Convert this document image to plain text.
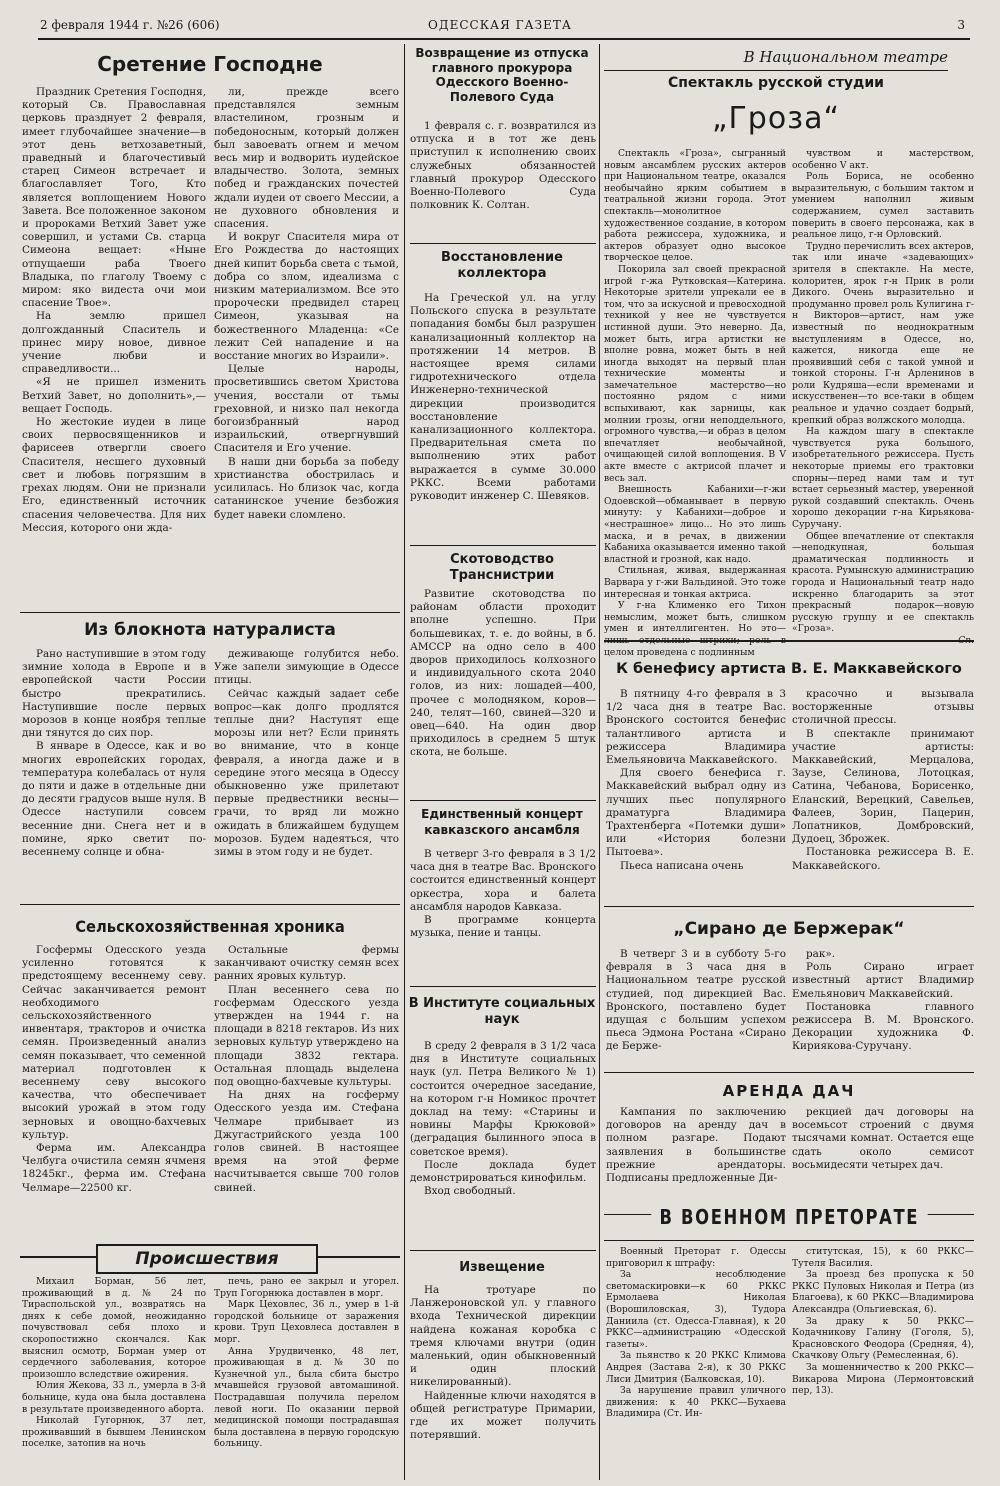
2 февраля 1944 г. №26 (606)	ОДЕССКАЯ ГАЗЕТА	3
Сретение Господне

Праздник Сретения Господня, который Св. Православная церковь празднует 2 февраля, имеет глубочайшее значение—в этот день ветхозаветный, праведный и благочестивый старец Симеон встречает и благославляет Того, Кто является воплощением Нового Завета. Все положенное законом и пророками Ветхий Завет уже совершил, и устами Св. старца Симеона вещает: «Ныне отпущаеши раба Твоего Владыка, по глаголу Твоему с миром: яко видеста очи мои спасение Твое».

На землю пришел долгожданный Спаситель и принес миру новое, дивное учение любви и справедливости...

«Я не пришел изменить Ветхий Завет, но дополнить»,—вещает Господь.

Но жестокие иудеи в лице своих первосвященников и фарисеев отвергли своего Спасителя, несшего духовный свет и любовь погрязшим в грехах людям. Они не признали Его, единственный источник спасения человечества. Для них Мессия, которого они жда-

ли, прежде всего представлялся земным властелином, грозным и победоносным, который должен был завоевать огнем и мечом весь мир и водворить иудейское владычество. Золота, земных побед и гражданских почестей ждали иудеи от своего Мессии, а не духовного обновления и спасения.

И вокруг Спасителя мира от Его Рождества до настоящих дней кипит борьба света с тьмой, добра со злом, идеализма с низким материализмом. Все это пророчески предвидел старец Симеон, указывая на божественного Младенца: «Се лежит Сей нападение и на восстание многих во Израили».

Целые народы, просветившись светом Христова учения, восстали от тьмы греховной, и низко пал некогда богоизбранный народ израильский, отвергнувший Спасителя и Его учение.

В наши дни борьба за победу христианства обострилась и усилилась. Но близок час, когда сатанинское учение безбожия будет навеки сломлено.

Из блокнота натуралиста

Рано наступившие в этом году зимние холода в Европе и в европейской части России быстро прекратились. Наступившие после первых морозов в конце ноября теплые дни тянутся до сих пор.

В январе в Одессе, как и во многих европейских городах, температура колебалась от нуля до пяти и даже в отдельные дни до десяти градусов выше нуля. В Одессе наступили совсем весенние дни. Снега нет и в помине, ярко светит по-весеннему солнце и обна-

деживающе голубится небо. Уже запели зимующие в Одессе птицы.

Сейчас каждый задает себе вопрос—как долго продлятся теплые дни? Наступят еще морозы или нет? Если принять во внимание, что в конце февраля, а иногда даже и в середине этого месяца в Одессу обыкновенно уже прилетают первые предвестники весны—грачи, то вряд ли можно ожидать в ближайшем будущем морозов. Будем надеяться, что зимы в этом году и не будет.

Сельскохозяйственная хроника

Госфермы Одесского уезда усиленно готовятся к предстоящему весеннему севу. Сейчас заканчивается ремонт необходимого сельскохозяйственного инвентаря, тракторов и очистка семян. Произведенный анализ семян показывает, что семенной материал подготовлен к весеннему севу высокого качества, что обеспечивает высокий урожай в этом году зерновых и овощно-бахчевых культур.

Ферма им. Александра Челбуга очистила семян ячменя 18245кг., ферма им. Стефана Челмаре—22500 кг.

Остальные фермы заканчивают очистку семян всех ранних яровых культур.

План весеннего сева по госфермам Одесского уезда утвержден на 1944 г. на площади в 8218 гектаров. Из них зерновых культур утверждено на площади 3832 гектара. Остальная площадь выделена под овощно-бахчевые культуры.

На днях на госферму Одесского уезда им. Стефана Челмаре прибывает из Джугастрийского уезда 100 голов свиней. В настоящее время на этой ферме насчитывается свыше 700 голов свиней.

Происшествия

Михаил Борман, 56 лет, проживающий в д. № 24 по Тираспольской ул., возвратясь на днях к себе домой, неожиданно почувствовал себя плохо и скоропостижно скончался. Как выяснил осмотр, Борман умер от сердечного заболевания, которое произошло вследствие ожирения.

Юлия Жекова, 33 л., умерла в 3-й больнице, куда она была доставлена в результате произведенного аборта.

Николай Гугорнюк, 37 лет, проживавший в бывшем Ленинском поселке, затопив на ночь

печь, рано ее закрыл и угорел. Труп Гогорнюка доставлен в морг.

Марк Цеховлес, 36 л., умер в 1-й городской больнице от заражения крови. Труп Цеховлеса доставлен в морг.

Анна Урудвиченко, 48 лет, проживающая в д. № 30 по Кузнечной ул., была сбита быстро мчавшейся грузовой автомашиной. Пострадавшая получила перелом левой ноги. По оказании первой медицинской помощи пострадавшая была доставлена в первую городскую больницу.

Возвращение из отпуска главного прокурора Одесского Военно-Полевого Суда

1 февраля с. г. возвратился из отпуска и в тот же день приступил к исполнению своих служебных обязанностей главный прокурор Одесского Военно-Полевого Суда полковник К. Солтан.

Восстановление коллектора

На Греческой ул. на углу Польского спуска в результате попадания бомбы был разрушен канализационный коллектор на протяжении 14 метров. В настоящее время силами гидротехнического отдела Инженерно-технической дирекции производится восстановление канализационного коллектора. Предварительная смета по выполнению этих работ выражается в сумме 30.000 РККС. Всеми работами руководит инженер С. Шевяков.

Скотоводство Транснистрии

Развитие скотоводства по районам области проходит вполне успешно. При большевиках, т. е. до войны, в б. АМССР на одно село в 400 дворов приходилось колхозного и индивидуального скота 2040 голов, из них: лошадей—400, прочее с молодняком, коров—240, телят—160, свиней—320 и овец—640. На один двор приходилось в среднем 5 штук скота, не больше.

Единственный концерт кавказского ансамбля

В четверг 3-го февраля в 3 1/2 часа дня в театре Вас. Вронского состоится единственный концерт оркестра, хора и балета ансамбля народов Кавказа.

В программе концерта музыка, пение и танцы.

В Институте социальных наук

В среду 2 февраля в 3 1/2 часа дня в Институте социальных наук (ул. Петра Великого № 1) состоится очередное заседание, на котором г-н Номикос прочтет доклад на тему: «Старины и новины Марфы Крюковой» (деградация былинного эпоса в советское время).

После доклада будет демонстрироваться кинофильм.

Вход свободный.

Извещение

На тротуаре по Ланжероновской ул. у главного входа Технической дирекции найдена кожаная коробка с тремя ключами внутри (один маленький, один обыкновенный и один плоский никелированный).

Найденные ключи находятся в общей регистратуре Примарии, где их может получить потерявший.

В Национальном театре
Спектакль русской студии
„Гроза“

Спектакль «Гроза», сыгранный новым ансамблем русских актеров при Национальном театре, оказался необычайно ярким событием в театральной жизни города. Этот спектакль—монолитное художественное создание, в котором работа режиссера, художника, и актеров образует одно высокое творческое целое.

Покорила зал своей прекрасной игрой г-жа Рутковская—Катерина. Некоторые зрители упрекали ее в том, что за искусной и превосходной техникой у нее не чувствуется истинной души. Это неверно. Да, может быть, игра артистки не вполне ровна, может быть в ней иногда выходят на первый план технические моменты и замечательное мастерство—но постоянно рядом с ними вспыхивают, как зарницы, как молнии грозы, огни неподдельного, огромного чувства,—и образ в целом впечатляет необычайной, очищающей силой воплощения. В V акте вместе с актрисой плачет и весь зал.

Внешность Кабанихи—г-жи Одоевской—обманывает в первую минуту: у Кабанихи—доброе и «нестрашное» лицо... Но это лишь маска, и в речах, в движении Кабаниха оказывается именно такой властной и грозной, как надо.

Стильная, живая, выдержанная Варвара у г-жи Вальдиной. Это тоже интересная и тонкая актриса.

У г-на Клименко его Тихон немыслим, может быть, слишком умен и интеллигентен. Но это— целом проведена с подлинным

чувством и мастерством, особенно V акт.

Роль Бориса, не особенно выразительную, с большим тактом и умением наполнил живым содержанием, сумел заставить поверить в своего персонажа, как в реальное лицо, г-н Орловский.

Трудно перечислить всех актеров, так или иначе «задевающих» зрителя в спектакле. На месте, колоритен, ярок г-н Прик в роли Дикого. Очень выразительно и продуманно провел роль Кулигина г-н Викторов—артист, нам уже известный по неоднократным выступлениям в Одессе, но, кажется, никогда еще не проявивший себя с такой умной и тонкой стороны. Г-н Арленинов в роли Кудряша—если временами и искусственен—то все-таки в общем реальное и удачно создает бодрый, крепкий образ волжского молодца.

На каждом шагу в спектакле чувствуется рука большого, изобретательного режиссера. Пусть некоторые приемы его трактовки спорны—перед нами там и тут встает серьезный мастер, уверенной рукой создавший спектакль. Очень хорошо декорации г-на Кирьякова-Суручану.

Общее впечатление от спектакля—неподкупная, большая драматическая подлинность и красота. Румынскую администрацию города и Национальный театр надо искренно благодарить за этот прекрасный подарок—новую русскую группу и ее спектакль «Гроза».

К бенефису артиста В. Е. Маккавейского

В пятницу 4-го февраля в 3 1/2 часа дня в театре Вас. Вронского состоится бенефис талантливого артиста и режиссера Владимира Емельяновича Маккавейского.

Для своего бенефиса г. Маккавейский выбрал одну из лучших пьес популярного драматурга Владимира Трахтенберга «Потемки души» или «История болезни Пытоева».

Пьеса написана очень

красочно и вызывала восторженные отзывы столичной прессы.

В спектакле принимают участие артисты: Маккавейский, Мерцалова, Заузе, Селинова, Лотоцкая, Сатина, Чебанова, Борисенко, Еланский, Верецкий, Савельев, Фалеев, Зорин, Пацерин, Лопатников, Домбровский, Дудоец, Зброжек.

Постановка режиссера В. Е. Маккавейского.

„Сирано де Бержерак“

В четверг 3 и в субботу 5-го февраля в 3 часа дня в Национальном театре русской студией, под дирекцией Вас. Вронского, поставлено будет идущая с большим успехом пьеса Эдмона Ростана «Сирано де Берже-

рак».

Роль Сирано играет известный артист Владимир Емельянович Маккавейский.

Постановка главного режиссера В. М. Вронского. Декорации художника Ф. Кирияковa-Суручану.

АРЕНДА ДАЧ

Кампания по заключению договоров на аренду дач в полном разгаре. Подают заявления в большинстве прежние арендаторы. Подписаны предложенные Ди-

рекцией дач договоры на восемьсот строений с двумя тысячами комнат. Остается еще сдать около семисот восьмидесяти четырех дач.

В ВОЕННОМ ПРЕТОРАТЕ

Военный Преторат г. Одессы приговорил к штрафу:

За несоблюдение светомаскировки—к 60 РККС Ермолаева Николая (Ворошиловская, 3), Тудора Даниила (ст. Одесса-Главная), к 20 РККС—администрацию «Одесской газеты».

За пьянство к 20 РККС Климова Андрея (Застава 2-я), к 30 РККС Лиси Дмитрия (Балковская, 10).

За нарушение правил уличного движения: к 40 РККС—Бухаева Владимира (Ст. Ин-

ститутская, 15), к 60 РККС—Тутеля Василия.

За проезд без пропуска к 50 РККС Пуловых Николая и Петра (из Благоева), к 60 РККС—Владимирова Александра (Ольгиевская, 6).

За драку к 50 РККС—Кодачникову Галину (Гоголя, 5), Красновского Феодора (Средняя, 4), Скачкову Ольгу (Ремесленная, 6).

За мошенничество к 200 РККС—Викарова Мирона (Лермонтовский пер, 13).
